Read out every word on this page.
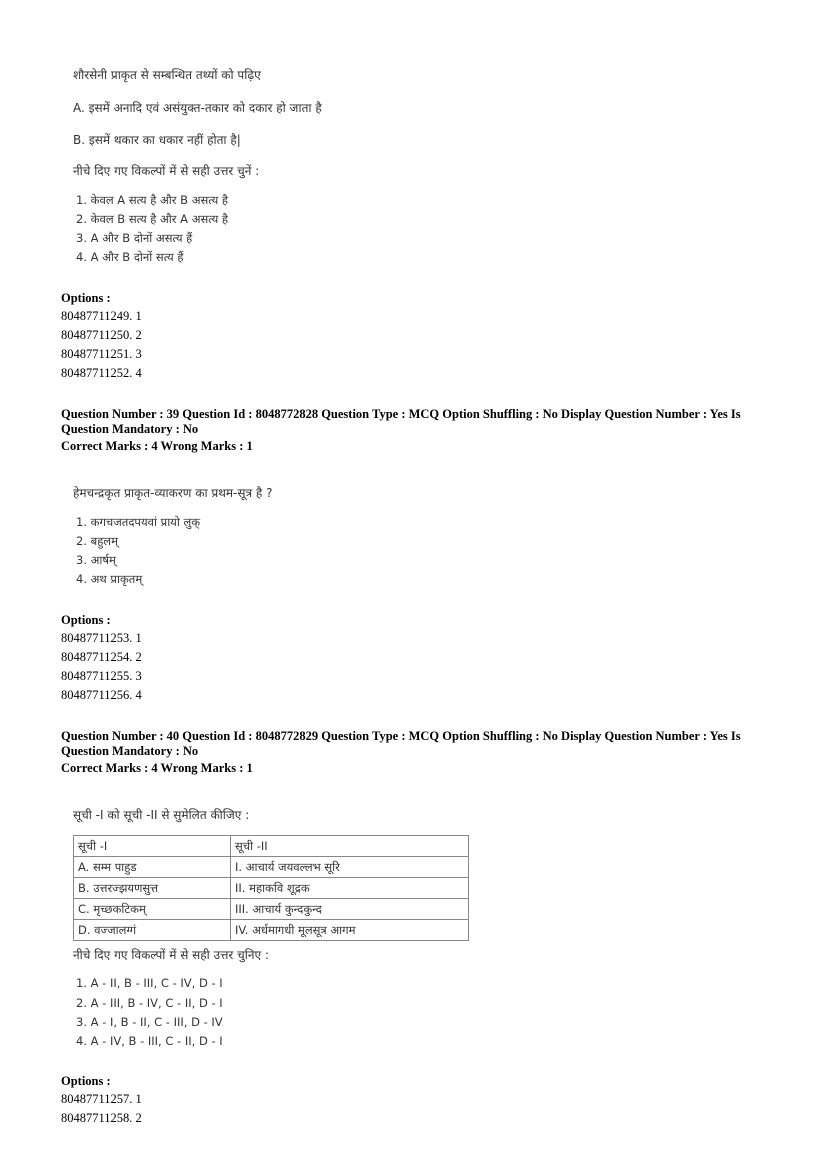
शौरसेनी प्राकृत से सम्बन्धित तथ्यों को पढ़िए
A. इसमें अनादि एवं असंयुक्त-तकार को दकार हो जाता है
B. इसमें थकार का धकार नहीं होता है|
नीचे दिए गए विकल्पों में से सही उत्तर चुनें :
1. केवल A सत्य है और B असत्य है
2. केवल B सत्य है और A असत्य है
3. A और B दोनों असत्य हैं
4. A और B दोनों सत्य हैं
Options :
80487711249. 1
80487711250. 2
80487711251. 3
80487711252. 4
Question Number : 39 Question Id : 8048772828 Question Type : MCQ Option Shuffling : No Display Question Number : Yes Is
Question Mandatory : No
Correct Marks : 4 Wrong Marks : 1
हेमचन्द्रकृत प्राकृत-व्याकरण का प्रथम-सूत्र है ?
1. कगचजतदपयवां प्रायो लुक्
2. बहुलम्
3. आर्षम्
4. अथ प्राकृतम्
Options :
80487711253. 1
80487711254. 2
80487711255. 3
80487711256. 4
Question Number : 40 Question Id : 8048772829 Question Type : MCQ Option Shuffling : No Display Question Number : Yes Is
Question Mandatory : No
Correct Marks : 4 Wrong Marks : 1
सूची -I को सूची -II से सुमेलित कीजिए :
सूची -I	सूची -II
A. सम्म पाहुड	I. आचार्य जयवल्लभ सूरि
B. उत्तरज्झयणसुत्त	II. महाकवि शूद्रक
C. मृच्छकटिकम्	III. आचार्य कुन्दकुन्द
D. वज्जालग्गं	IV. अर्धमागधी मूलसूत्र आगम
नीचे दिए गए विकल्पों में से सही उत्तर चुनिए :
1. A - II, B - III, C - IV, D - I
2. A - III, B - IV, C - II, D - I
3. A - I, B - II, C - III, D - IV
4. A - IV, B - III, C - II, D - I
Options :
80487711257. 1
80487711258. 2
